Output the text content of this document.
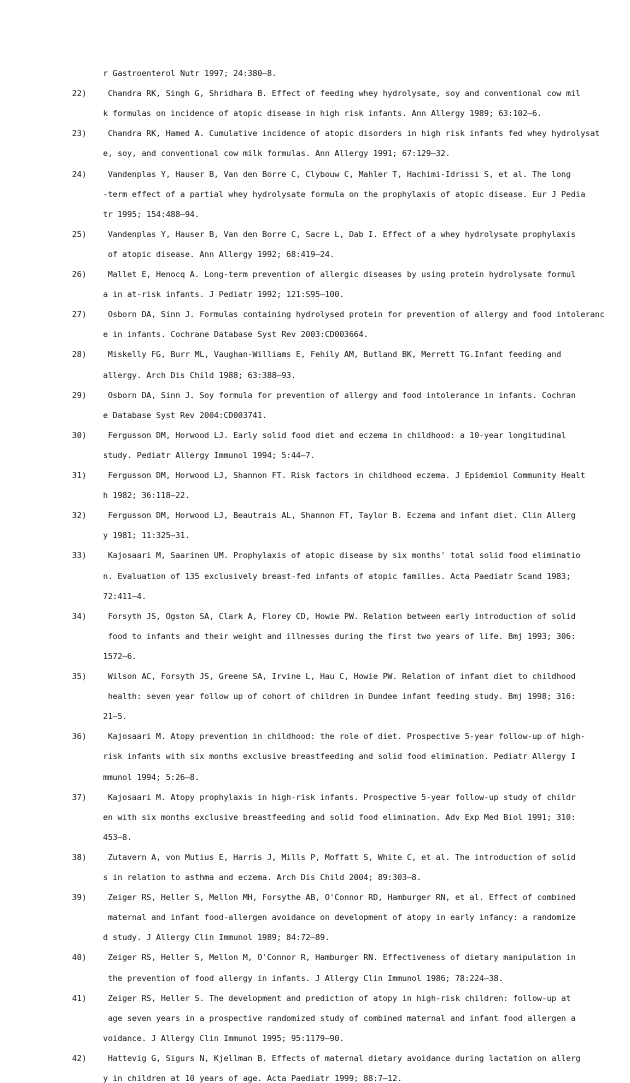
r Gastroenterol Nutr 1997; 24:380—8.
22) Chandra RK, Singh G, Shridhara B. Effect of feeding whey hydrolysate, soy and conventional cow mil
k formulas on incidence of atopic disease in high risk infants. Ann Allergy 1989; 63:102—6.
23) Chandra RK, Hamed A. Cumulative incidence of atopic disorders in high risk infants fed whey hydrolysat
e, soy, and conventional cow milk formulas. Ann Allergy 1991; 67:129—32.
24) Vandenplas Y, Hauser B, Van den Borre C, Clybouw C, Mahler T, Hachimi-Idrissi S, et al. The long
-term effect of a partial whey hydrolysate formula on the prophylaxis of atopic disease. Eur J Pedia
tr 1995; 154:488—94.
25) Vandenplas Y, Hauser B, Van den Borre C, Sacre L, Dab I. Effect of a whey hydrolysate prophylaxis
of atopic disease. Ann Allergy 1992; 68:419—24.
26) Mallet E, Henocq A. Long-term prevention of allergic diseases by using protein hydrolysate formul
a in at-risk infants. J Pediatr 1992; 121:S95—100.
27) Osborn DA, Sinn J. Formulas containing hydrolysed protein for prevention of allergy and food intoleranc
e in infants. Cochrane Database Syst Rev 2003:CD003664.
28) Miskelly FG, Burr ML, Vaughan-Williams E, Fehily AM, Butland BK, Merrett TG.Infant feeding and
allergy. Arch Dis Child 1988; 63:388—93.
29) Osborn DA, Sinn J. Soy formula for prevention of allergy and food intolerance in infants. Cochran
e Database Syst Rev 2004:CD003741.
30) Fergusson DM, Horwood LJ. Early solid food diet and eczema in childhood: a 10-year longitudinal
study. Pediatr Allergy Immunol 1994; 5:44—7.
31) Fergusson DM, Horwood LJ, Shannon FT. Risk factors in childhood eczema. J Epidemiol Community Healt
h 1982; 36:118—22.
32) Fergusson DM, Horwood LJ, Beautrais AL, Shannon FT, Taylor B. Eczema and infant diet. Clin Allerg
y 1981; 11:325—31.
33) Kajosaari M, Saarinen UM. Prophylaxis of atopic disease by six months' total solid food eliminatio
n. Evaluation of 135 exclusively breast-fed infants of atopic families. Acta Paediatr Scand 1983;
72:411—4.
34) Forsyth JS, Ogston SA, Clark A, Florey CD, Howie PW. Relation between early introduction of solid
food to infants and their weight and illnesses during the first two years of life. Bmj 1993; 306:
1572—6.
35) Wilson AC, Forsyth JS, Greene SA, Irvine L, Hau C, Howie PW. Relation of infant diet to childhood
health: seven year follow up of cohort of children in Dundee infant feeding study. Bmj 1998; 316:
21—5.
36) Kajosaari M. Atopy prevention in childhood: the role of diet. Prospective 5-year follow-up of high-
risk infants with six months exclusive breastfeeding and solid food elimination. Pediatr Allergy I
mmunol 1994; 5:26—8.
37) Kajosaari M. Atopy prophylaxis in high-risk infants. Prospective 5-year follow-up study of childr
en with six months exclusive breastfeeding and solid food elimination. Adv Exp Med Biol 1991; 310:
453—8.
38) Zutavern A, von Mutius E, Harris J, Mills P, Moffatt S, White C, et al. The introduction of solid
s in relation to asthma and eczema. Arch Dis Child 2004; 89:303—8.
39) Zeiger RS, Heller S, Mellon MH, Forsythe AB, O'Connor RD, Hamburger RN, et al. Effect of combined
maternal and infant food-allergen avoidance on development of atopy in early infancy: a randomize
d study. J Allergy Clin Immunol 1989; 84:72—89.
40) Zeiger RS, Heller S, Mellon M, O'Connor R, Hamburger RN. Effectiveness of dietary manipulation in
the prevention of food allergy in infants. J Allergy Clin Immunol 1986; 78:224—38.
41) Zeiger RS, Heller S. The development and prediction of atopy in high-risk children: follow-up at
age seven years in a prospective randomized study of combined maternal and infant food allergen a
voidance. J Allergy Clin Immunol 1995; 95:1179—90.
42) Hattevig G, Sigurs N, Kjellman B. Effects of maternal dietary avoidance during lactation on allerg
y in children at 10 years of age. Acta Paediatr 1999; 88:7—12.
